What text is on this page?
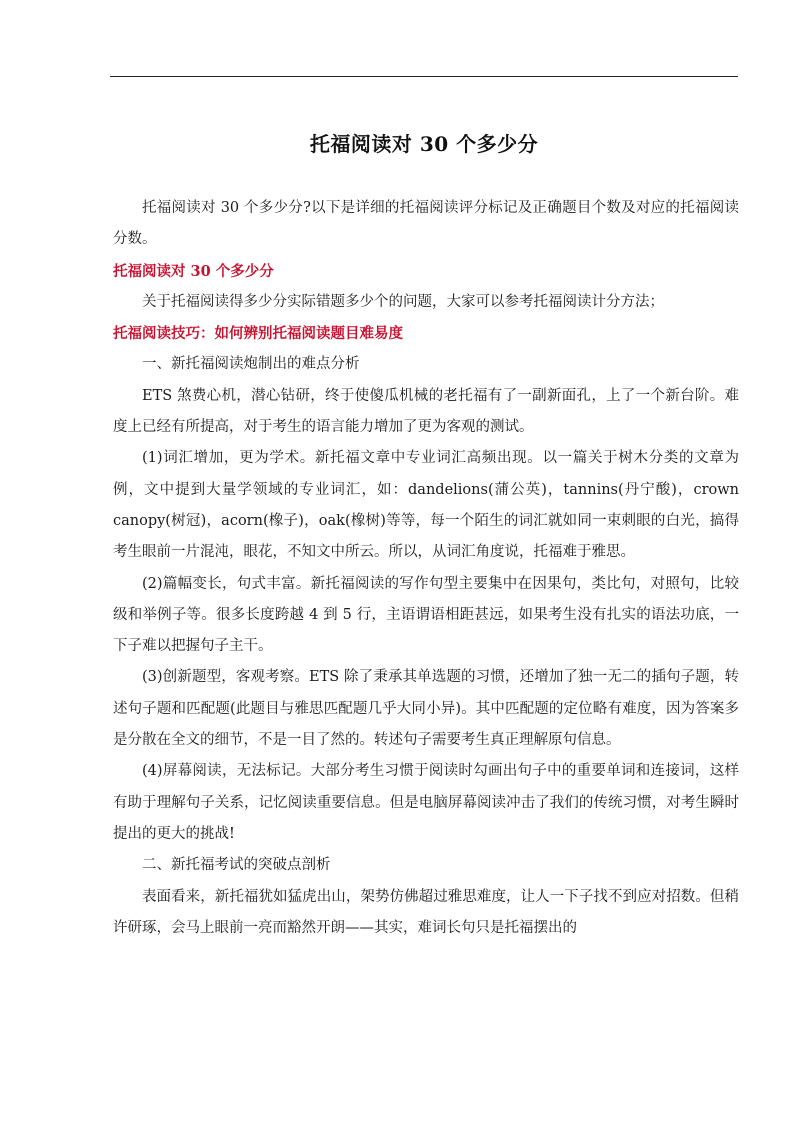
托福阅读对 30 个多少分

托福阅读对 30 个多少分?以下是详细的托福阅读评分标记及正确题目个数及对应的托福阅读分数。

托福阅读对 30 个多少分

关于托福阅读得多少分实际错题多少个的问题，大家可以参考托福阅读计分方法；

托福阅读技巧：如何辨别托福阅读题目难易度

一、新托福阅读炮制出的难点分析

ETS 煞费心机，潜心钻研，终于使傻瓜机械的老托福有了一副新面孔，上了一个新台阶。难度上已经有所提高，对于考生的语言能力增加了更为客观的测试。

(1)词汇增加，更为学术。新托福文章中专业词汇高频出现。以一篇关于树木分类的文章为例，文中提到大量学领域的专业词汇，如：dandelions(蒲公英)，tannins(丹宁酸)，crown canopy(树冠)，acorn(橡子)，oak(橡树)等等，每一个陌生的词汇就如同一束刺眼的白光，搞得考生眼前一片混沌，眼花，不知文中所云。所以，从词汇角度说，托福难于雅思。

(2)篇幅变长，句式丰富。新托福阅读的写作句型主要集中在因果句，类比句，对照句，比较级和举例子等。很多长度跨越 4 到 5 行，主语谓语相距甚远，如果考生没有扎实的语法功底，一下子难以把握句子主干。

(3)创新题型，客观考察。ETS 除了秉承其单选题的习惯，还增加了独一无二的插句子题，转述句子题和匹配题(此题目与雅思匹配题几乎大同小异)。其中匹配题的定位略有难度，因为答案多是分散在全文的细节，不是一目了然的。转述句子需要考生真正理解原句信息。

(4)屏幕阅读，无法标记。大部分考生习惯于阅读时勾画出句子中的重要单词和连接词，这样有助于理解句子关系，记忆阅读重要信息。但是电脑屏幕阅读冲击了我们的传统习惯，对考生瞬时提出的更大的挑战!

二、新托福考试的突破点剖析

表面看来，新托福犹如猛虎出山，架势仿佛超过雅思难度，让人一下子找不到应对招数。但稍许研琢，会马上眼前一亮而豁然开朗——其实，难词长句只是托福摆出的
